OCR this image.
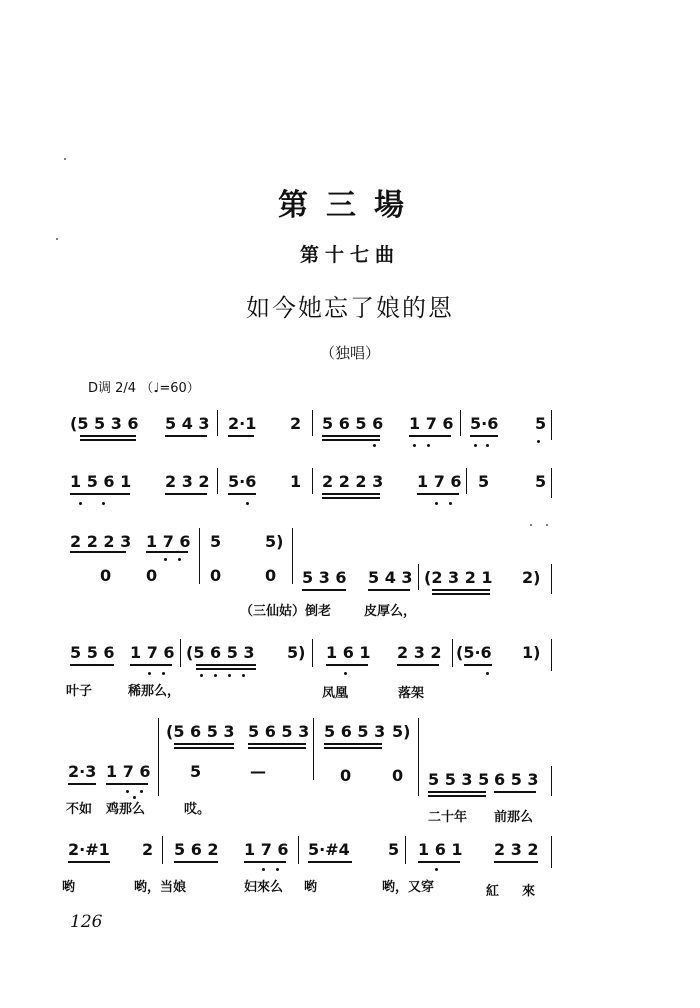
第三場
第十七曲
如今她忘了娘的恩
（独唱）
D调 2/4 （♩=60）
(5 5 3 6 5 4 3 2·1 2 5 6 5 6 1 7 6 5·6 5
1 5 6 1 2 3 2 5·6 1 2 2 2 3 1 7 6 5	5
2 2 2 3 1 7 6 5	5)
0 0	0	0 5 3 6 5 4 3 (2 3 2 1 2)
（三仙姑）倒老	皮厚么，
5 5 6 1 7 6 (5 6 5 3 5) 1 6 1 2 3 2 (5·6 1)
叶子	稀那么，	凤凰	落架
(5 6 5 3 5 6 5 3 5 6 5 3 5)
5	—	0	0
2·3 1 7 6	5 5 3 5 6 5 3
不如 鸡那么	哎。
二十年 前那么
2·#1 2 5 6 2 1 7 6 5·#4 5 1 6 1 2 3 2
哟	哟，当娘	妇來么 哟	哟，又穿	紅 來
126
